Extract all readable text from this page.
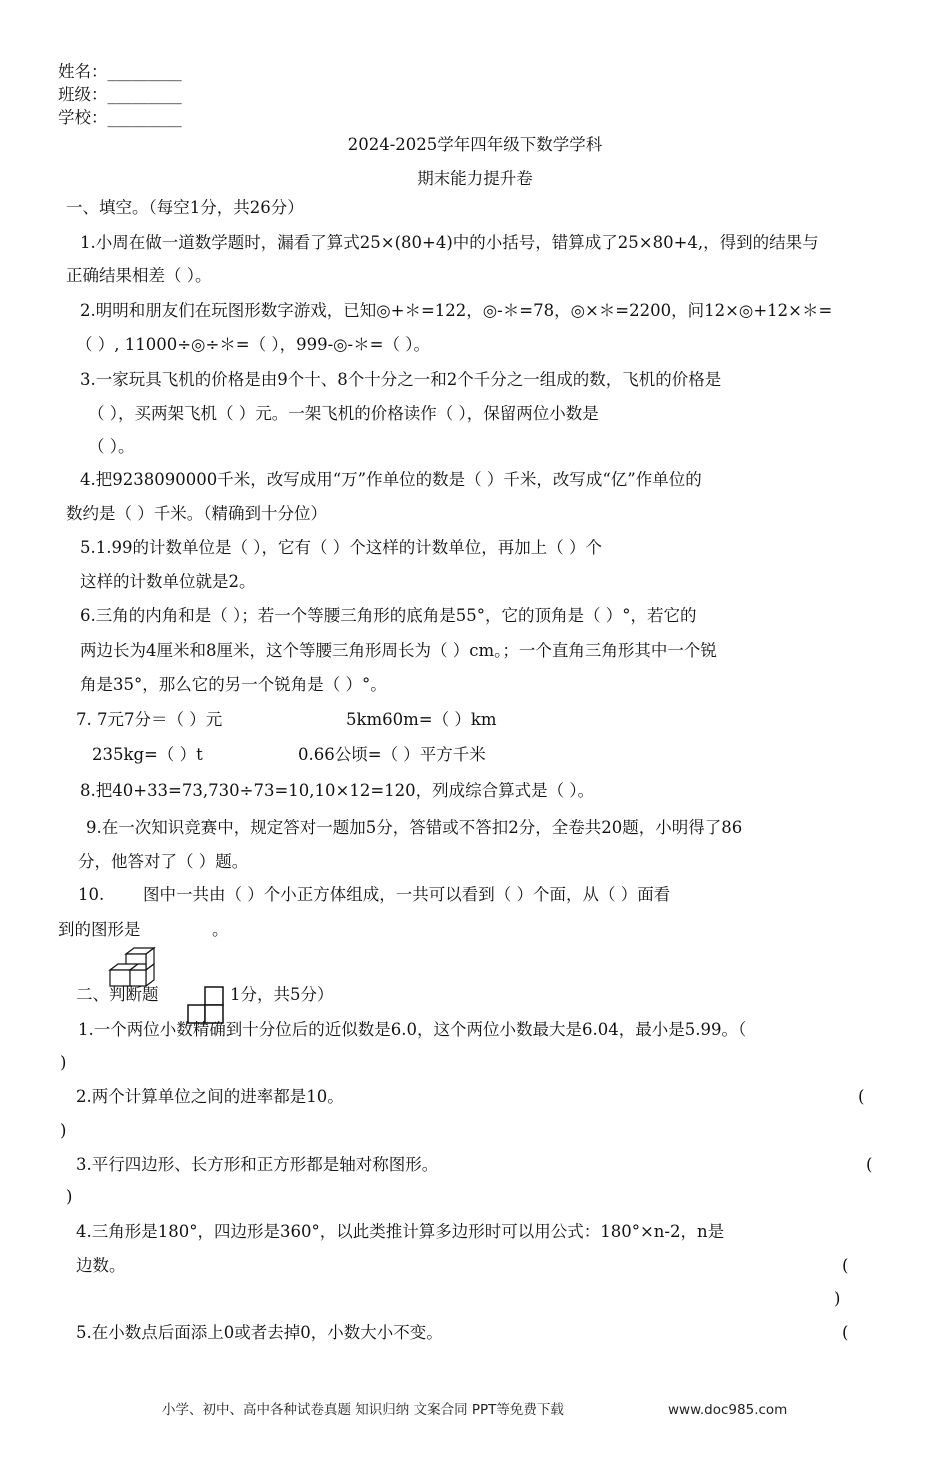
姓名：_________
班级：_________
学校：_________
2024-2025学年四年级下数学学科
期末能力提升卷
一、填空。（每空1分，共26分）
1.小周在做一道数学题时，漏看了算式25×(80+4)中的小括号，错算成了25×80+4,，得到的结果与
正确结果相差（ ）。
2.明明和朋友们在玩图形数字游戏，已知◎+＊=122，◎-＊=78，◎×＊=2200，问12×◎+12×＊=
（ ）, 11000÷◎÷＊=（ ），999-◎-＊=（ ）。
3.一家玩具飞机的价格是由9个十、8个十分之一和2个千分之一组成的数，飞机的价格是
（ ），买两架飞机（ ）元。一架飞机的价格读作（ ），保留两位小数是
（ ）。
4.把9238090000千米，改写成用“万”作单位的数是（ ）千米，改写成“亿”作单位的
数约是（ ）千米。（精确到十分位）
5.1.99的计数单位是（ ），它有（ ）个这样的计数单位，再加上（ ）个
这样的计数单位就是2。
6.三角的内角和是（ ）；若一个等腰三角形的底角是55°，它的顶角是（ ）°，若它的
两边长为4厘米和8厘米，这个等腰三角形周长为（ ）cm。；一个直角三角形其中一个锐
角是35°，那么它的另一个锐角是（ ）°。
7. 7元7分＝（ ）元	5km60m=（ ）km
235kg=（ ）t	0.66公顷=（ ）平方千米
8.把40+33=73,730÷73=10,10×12=120，列成综合算式是（ ）。
9.在一次知识竞赛中，规定答对一题加5分，答错或不答扣2分，全卷共20题，小明得了86
分，他答对了（ ）题。
10. 图中一共由（ ）个小正方体组成，一共可以看到（ ）个面，从（ ）面看
到的图形是	。
二、判断题	1分，共5分）
1.一个两位小数精确到十分位后的近似数是6.0，这个两位小数最大是6.04，最小是5.99。（
)
2.两个计算单位之间的进率都是10。	(
)
3.平行四边形、长方形和正方形都是轴对称图形。	(
)
4.三角形是180°，四边形是360°，以此类推计算多边形时可以用公式：180°×n-2，n是
边数。	(
)
5.在小数点后面添上0或者去掉0，小数大小不变。	(
小学、初中、高中各种试卷真题 知识归纳 文案合同 PPT等免费下载	www.doc985.com
